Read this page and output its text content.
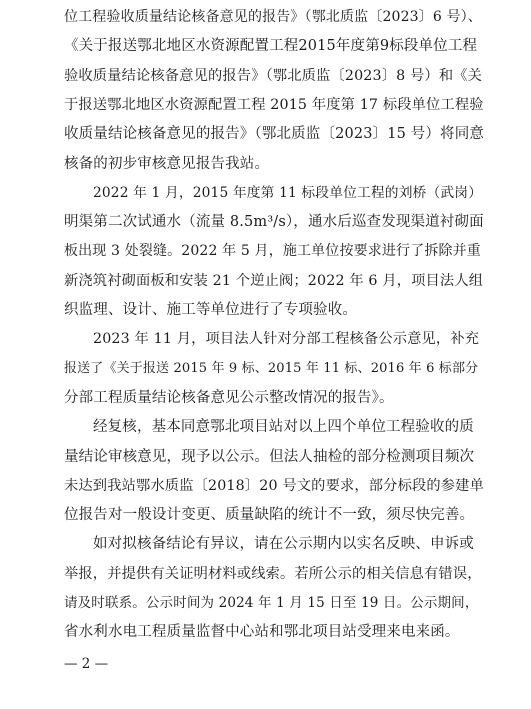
位工程验收质量结论核备意见的报告》（鄂北质监〔2023〕6 号）、
《关于报送鄂北地区水资源配置工程2015年度第9标段单位工程
验收质量结论核备意见的报告》（鄂北质监〔2023〕8 号）和《关
于报送鄂北地区水资源配置工程 2015 年度第 17 标段单位工程验
收质量结论核备意见的报告》（鄂北质监〔2023〕15 号）将同意
核备的初步审核意见报告我站。
2022 年 1 月，2015 年度第 11 标段单位工程的刘桥（武岗）
明渠第二次试通水（流量 8.5m³/s），通水后巡查发现渠道衬砌面
板出现 3 处裂缝。2022 年 5 月，施工单位按要求进行了拆除并重
新浇筑衬砌面板和安装 21 个逆止阀；2022 年 6 月，项目法人组
织监理、设计、施工等单位进行了专项验收。
2023 年 11 月，项目法人针对分部工程核备公示意见，补充
报送了《关于报送 2015 年 9 标、2015 年 11 标、2016 年 6 标部分
分部工程质量结论核备意见公示整改情况的报告》。
经复核，基本同意鄂北项目站对以上四个单位工程验收的质
量结论审核意见，现予以公示。但法人抽检的部分检测项目频次
未达到我站鄂水质监〔2018〕20 号文的要求，部分标段的参建单
位报告对一般设计变更、质量缺陷的统计不一致，须尽快完善。
如对拟核备结论有异议，请在公示期内以实名反映、申诉或
举报，并提供有关证明材料或线索。若所公示的相关信息有错误，
请及时联系。公示时间为 2024 年 1 月 15 日至 19 日。公示期间，
省水利水电工程质量监督中心站和鄂北项目站受理来电来函。
— 2 —
